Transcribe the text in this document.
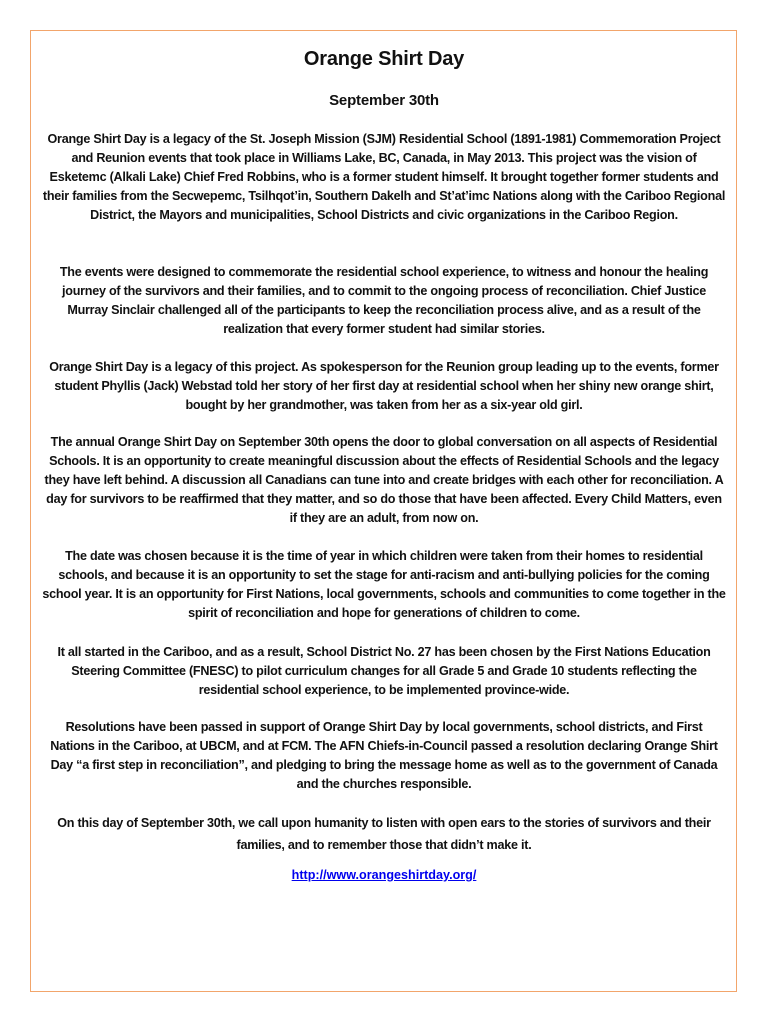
Orange Shirt Day
September 30th

Orange Shirt Day is a legacy of the St. Joseph Mission (SJM) Residential School (1891-1981) Commemoration Project and Reunion events that took place in Williams Lake, BC, Canada, in May 2013. This project was the vision of Esketemc (Alkali Lake) Chief Fred Robbins, who is a former student himself. It brought together former students and their families from the Secwepemc, Tsilhqot’in, Southern Dakelh and St’at’imc Nations along with the Cariboo Regional District, the Mayors and municipalities, School Districts and civic organizations in the Cariboo Region.

The events were designed to commemorate the residential school experience, to witness and honour the healing journey of the survivors and their families, and to commit to the ongoing process of reconciliation. Chief Justice Murray Sinclair challenged all of the participants to keep the reconciliation process alive, and as a result of the realization that every former student had similar stories.

Orange Shirt Day is a legacy of this project. As spokesperson for the Reunion group leading up to the events, former student Phyllis (Jack) Webstad told her story of her first day at residential school when her shiny new orange shirt, bought by her grandmother, was taken from her as a six-year old girl.

The annual Orange Shirt Day on September 30th opens the door to global conversation on all aspects of Residential Schools. It is an opportunity to create meaningful discussion about the effects of Residential Schools and the legacy they have left behind. A discussion all Canadians can tune into and create bridges with each other for reconciliation. A day for survivors to be reaffirmed that they matter, and so do those that have been affected. Every Child Matters, even if they are an adult, from now on.

The date was chosen because it is the time of year in which children were taken from their homes to residential schools, and because it is an opportunity to set the stage for anti-racism and anti-bullying policies for the coming school year. It is an opportunity for First Nations, local governments, schools and communities to come together in the spirit of reconciliation and hope for generations of children to come.

It all started in the Cariboo, and as a result, School District No. 27 has been chosen by the First Nations Education Steering Committee (FNESC) to pilot curriculum changes for all Grade 5 and Grade 10 students reflecting the residential school experience, to be implemented province-wide.

Resolutions have been passed in support of Orange Shirt Day by local governments, school districts, and First Nations in the Cariboo, at UBCM, and at FCM. The AFN Chiefs-in-Council passed a resolution declaring Orange Shirt Day “a first step in reconciliation”, and pledging to bring the message home as well as to the government of Canada and the churches responsible.

On this day of September 30th, we call upon humanity to listen with open ears to the stories of survivors and their families, and to remember those that didn’t make it.

http://www.orangeshirtday.org/
